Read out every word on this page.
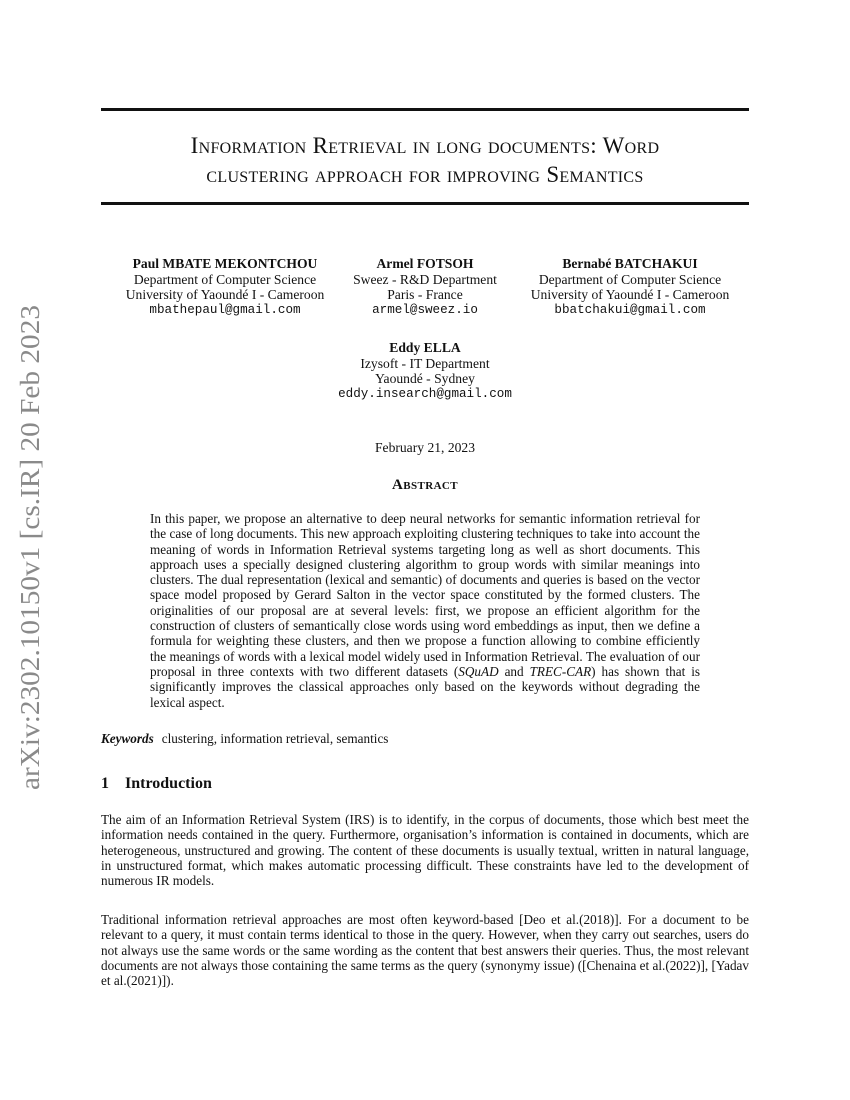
arXiv:2302.10150v1 [cs.IR] 20 Feb 2023
Information Retrieval in long documents: Word
clustering approach for improving Semantics
Paul MBATE MEKONTCHOU
Department of Computer Science
University of Yaoundé I - Cameroon
mbathepaul@gmail.com
Armel FOTSOH
Sweez - R&D Department
Paris - France
armel@sweez.io
Bernabé BATCHAKUI
Department of Computer Science
University of Yaoundé I - Cameroon
bbatchakui@gmail.com
Eddy ELLA
Izysoft - IT Department
Yaoundé - Sydney
eddy.insearch@gmail.com
February 21, 2023
Abstract

In this paper, we propose an alternative to deep neural networks for semantic information retrieval for the case of long documents. This new approach exploiting clustering techniques to take into account the meaning of words in Information Retrieval systems targeting long as well as short documents. This approach uses a specially designed clustering algorithm to group words with similar meanings into clusters. The dual representation (lexical and semantic) of documents and queries is based on the vector space model proposed by Gerard Salton in the vector space constituted by the formed clusters. The originalities of our proposal are at several levels: first, we propose an efficient algorithm for the construction of clusters of semantically close words using word embeddings as input, then we define a formula for weighting these clusters, and then we propose a function allowing to combine efficiently the meanings of words with a lexical model widely used in Information Retrieval. The evaluation of our proposal in three contexts with two different datasets (SQuAD and TREC-CAR) has shown that is significantly improves the classical approaches only based on the keywords without degrading the lexical aspect.

Keywords clustering, information retrieval, semantics
1 Introduction

The aim of an Information Retrieval System (IRS) is to identify, in the corpus of documents, those which best meet the information needs contained in the query. Furthermore, organisation’s information is contained in documents, which are heterogeneous, unstructured and growing. The content of these documents is usually textual, written in natural language, in unstructured format, which makes automatic processing difficult. These constraints have led to the development of numerous IR models.

Traditional information retrieval approaches are most often keyword-based [Deo et al.(2018)]. For a document to be relevant to a query, it must contain terms identical to those in the query. However, when they carry out searches, users do not always use the same words or the same wording as the content that best answers their queries. Thus, the most relevant documents are not always those containing the same terms as the query (synonymy issue) ([Chenaina et al.(2022)], [Yadav et al.(2021)]).
